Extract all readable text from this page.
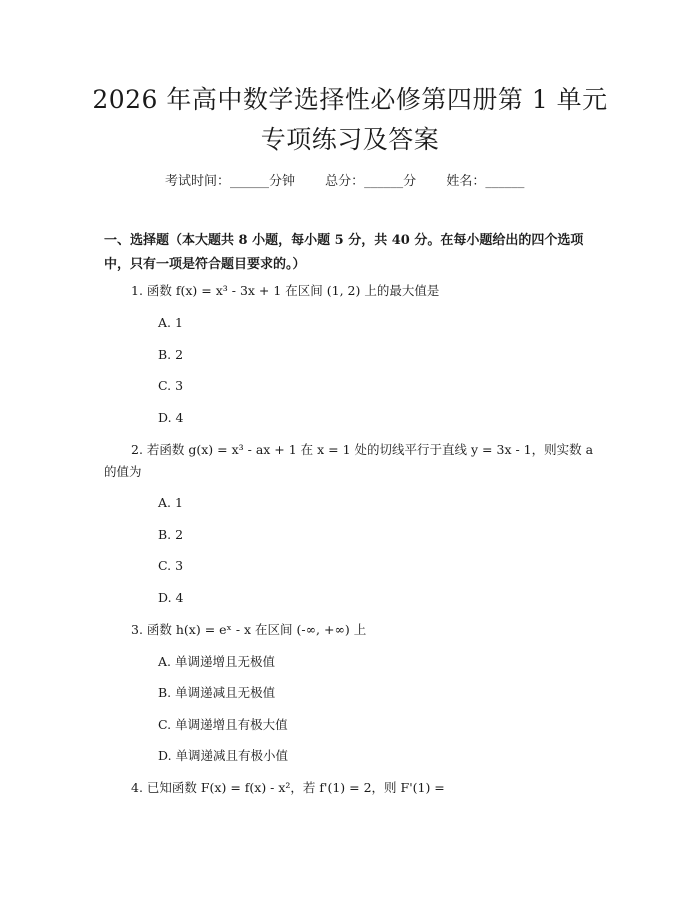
2026 年高中数学选择性必修第四册第 1 单元
专项练习及答案
考试时间：______分钟 总分：______分 姓名：______
一、选择题（本大题共 8 小题，每小题 5 分，共 40 分。在每小题给出的四个选项中，只有一项是符合题目要求的。）
1. 函数 f(x) = x³ - 3x + 1 在区间 (1, 2) 上的最大值是
A. 1
B. 2
C. 3
D. 4
2. 若函数 g(x) = x³ - ax + 1 在 x = 1 处的切线平行于直线 y = 3x - 1，则实数 a 的值为
A. 1
B. 2
C. 3
D. 4
3. 函数 h(x) = eˣ - x 在区间 (-∞, +∞) 上
A. 单调递增且无极值
B. 单调递减且无极值
C. 单调递增且有极大值
D. 单调递减且有极小值
4. 已知函数 F(x) = f(x) - x²，若 f'(1) = 2，则 F'(1) =
